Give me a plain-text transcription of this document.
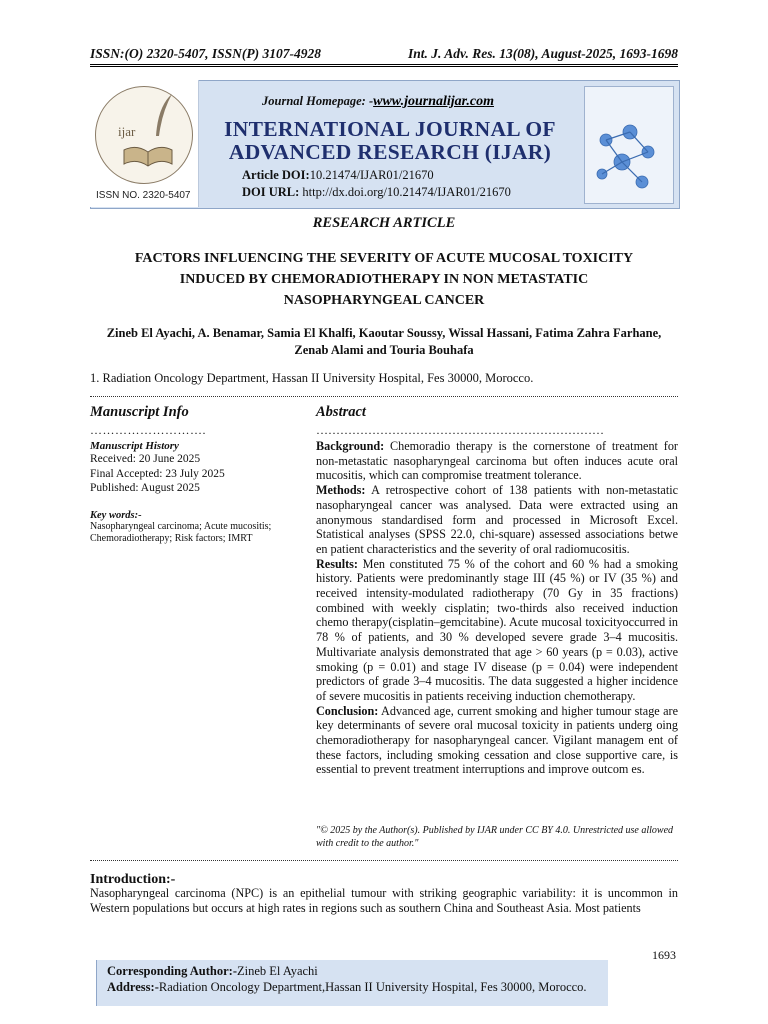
ISSN:(O) 2320-5407, ISSN(P) 3107-4928	Int. J. Adv. Res. 13(08), August-2025, 1693-1698
ijar
ISSN NO. 2320-5407
Journal Homepage: -www.journalijar.com
INTERNATIONAL JOURNAL OF
ADVANCED RESEARCH (IJAR)
Article DOI:10.21474/IJAR01/21670
DOI URL: http://dx.doi.org/10.21474/IJAR01/21670
RESEARCH ARTICLE
FACTORS INFLUENCING THE SEVERITY OF ACUTE MUCOSAL TOXICITY
INDUCED BY CHEMORADIOTHERAPY IN NON METASTATIC
NASOPHARYNGEAL CANCER
Zineb El Ayachi, A. Benamar, Samia El Khalfi, Kaoutar Soussy, Wissal Hassani, Fatima Zahra Farhane,
Zenab Alami and Touria Bouhafa
1. Radiation Oncology Department, Hassan II University Hospital, Fes 30000, Morocco.
Manuscript Info
……………………….
Manuscript History
Received: 20 June 2025
Final Accepted: 23 July 2025
Published: August 2025
Key words:-
Nasopharyngeal carcinoma; Acute mucositis; Chemoradiotherapy; Risk factors; IMRT
Abstract
………………………………………………………………

Background: Chemoradio therapy is the cornerstone of treatment for non-metastatic nasopharyngeal carcinoma but often induces acute oral mucositis, which can compromise treatment tolerance.

Methods: A retrospective cohort of 138 patients with non-metastatic nasopharyngeal cancer was analysed. Data were extracted using an anonymous standardised form and processed in Microsoft Excel. Statistical analyses (SPSS 22.0, chi-square) assessed associations betwe en patient characteristics and the severity of oral radiomucositis.

Results: Men constituted 75 % of the cohort and 60 % had a smoking history. Patients were predominantly stage III (45 %) or IV (35 %) and received intensity-modulated radiotherapy (70 Gy in 35 fractions) combined with weekly cisplatin; two-thirds also received induction chemo therapy(cisplatin–gemcitabine). Acute mucosal toxicityoccurred in 78 % of patients, and 30 % developed severe grade 3–4 mucositis. Multivariate analysis demonstrated that age > 60 years (p = 0.03), active smoking (p = 0.01) and stage IV disease (p = 0.04) were independent predictors of grade 3–4 mucositis. The data suggested a higher incidence of severe mucositis in patients receiving induction chemotherapy.

Conclusion: Advanced age, current smoking and higher tumour stage are key determinants of severe oral mucosal toxicity in patients underg oing chemoradiotherapy for nasopharyngeal cancer. Vigilant managem ent of these factors, including smoking cessation and close supportive care, is essential to prevent treatment interruptions and improve outcom es.

"© 2025 by the Author(s). Published by IJAR under CC BY 4.0. Unrestricted use allowed with credit to the author."
Introduction:-
Nasopharyngeal carcinoma (NPC) is an epithelial tumour with striking geographic variability: it is uncommon in Western populations but occurs at high rates in regions such as southern China and Southeast Asia. Most patients
1693
Corresponding Author:-Zineb El Ayachi
Address:-Radiation Oncology Department,Hassan II University Hospital, Fes 30000, Morocco.
